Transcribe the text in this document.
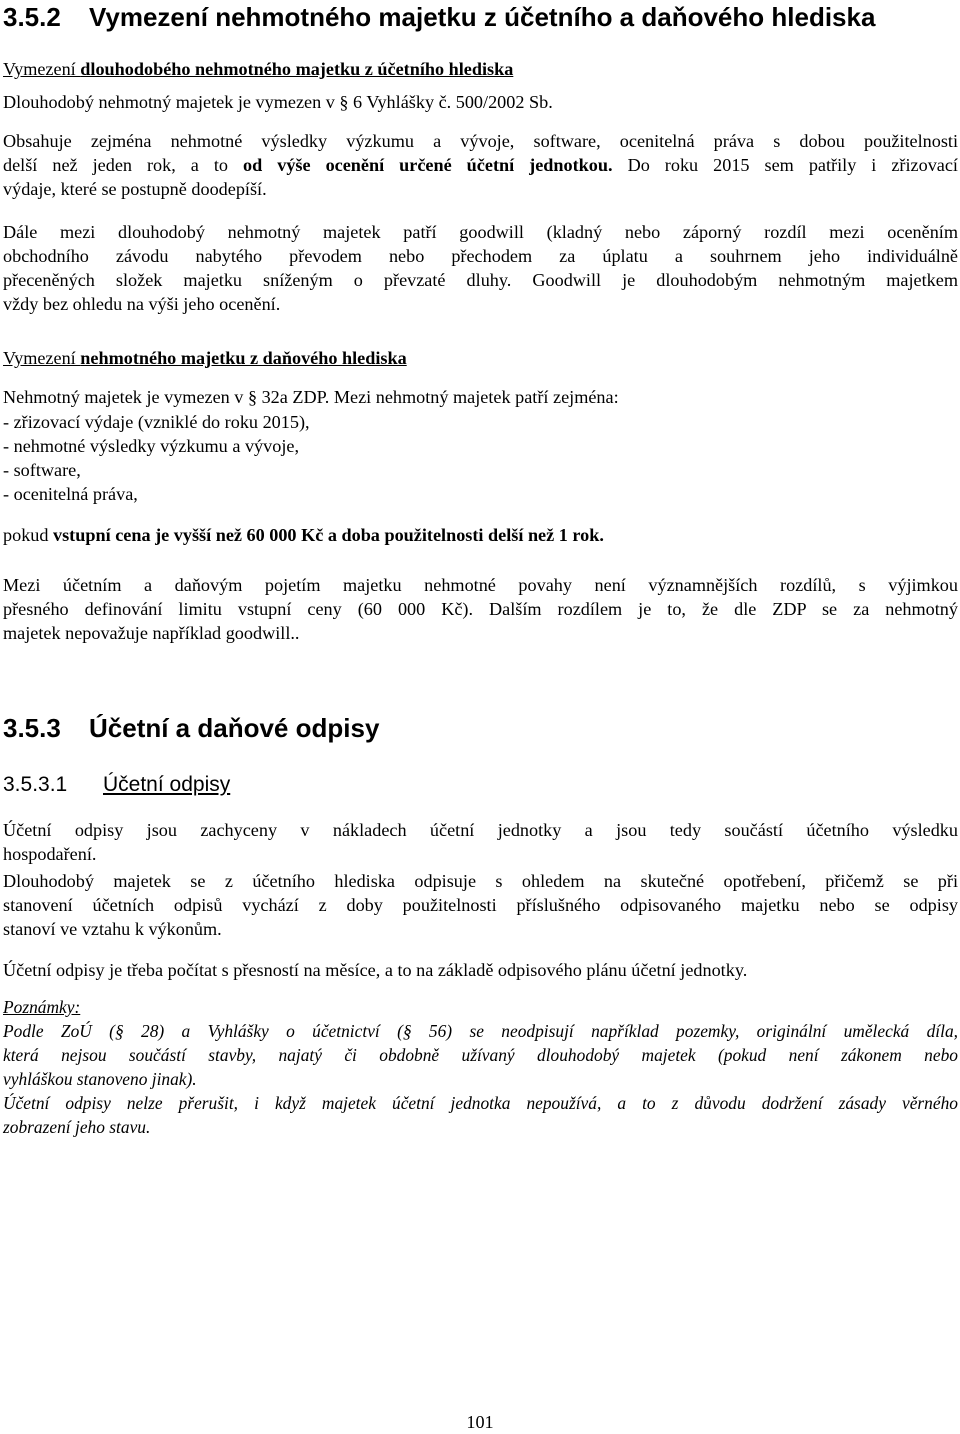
3.5.2 Vymezení nehmotného majetku z účetního a daňového hlediska
Vymezení dlouhodobého nehmotného majetku z účetního hlediska
Dlouhodobý nehmotný majetek je vymezen v § 6 Vyhlášky č. 500/2002 Sb.
Obsahuje zejména nehmotné výsledky výzkumu a vývoje, software, ocenitelná práva s dobou použitelnosti
delší než jeden rok, a to od výše ocenění určené účetní jednotkou. Do roku 2015 sem patřily i zřizovací
výdaje, které se postupně doodepíší.
Dále mezi dlouhodobý nehmotný majetek patří goodwill (kladný nebo záporný rozdíl mezi oceněním
obchodního závodu nabytého převodem nebo přechodem za úplatu a souhrnem jeho individuálně
přeceněných složek majetku sníženým o převzaté dluhy. Goodwill je dlouhodobým nehmotným majetkem
vždy bez ohledu na výši jeho ocenění.
Vymezení nehmotného majetku z daňového hlediska
Nehmotný majetek je vymezen v § 32a ZDP. Mezi nehmotný majetek patří zejména:
- zřizovací výdaje (vzniklé do roku 2015),
- nehmotné výsledky výzkumu a vývoje,
- software,
- ocenitelná práva,
pokud vstupní cena je vyšší než 60 000 Kč a doba použitelnosti delší než 1 rok.
Mezi účetním a daňovým pojetím majetku nehmotné povahy není významnějších rozdílů, s výjimkou
přesného definování limitu vstupní ceny (60 000 Kč). Dalším rozdílem je to, že dle ZDP se za nehmotný
majetek nepovažuje například goodwill..
3.5.3 Účetní a daňové odpisy
3.5.3.1 Účetní odpisy
Účetní odpisy jsou zachyceny v nákladech účetní jednotky a jsou tedy součástí účetního výsledku
hospodaření.
Dlouhodobý majetek se z účetního hlediska odpisuje s ohledem na skutečné opotřebení, přičemž se při
stanovení účetních odpisů vychází z doby použitelnosti příslušného odpisovaného majetku nebo se odpisy
stanoví ve vztahu k výkonům.
Účetní odpisy je třeba počítat s přesností na měsíce, a to na základě odpisového plánu účetní jednotky.
Poznámky:
Podle ZoÚ (§ 28) a Vyhlášky o účetnictví (§ 56) se neodpisují například pozemky, originální umělecká díla,
která nejsou součástí stavby, najatý či obdobně užívaný dlouhodobý majetek (pokud není zákonem nebo
vyhláškou stanoveno jinak).
Účetní odpisy nelze přerušit, i když majetek účetní jednotka nepoužívá, a to z důvodu dodržení zásady věrného
zobrazení jeho stavu.
101
